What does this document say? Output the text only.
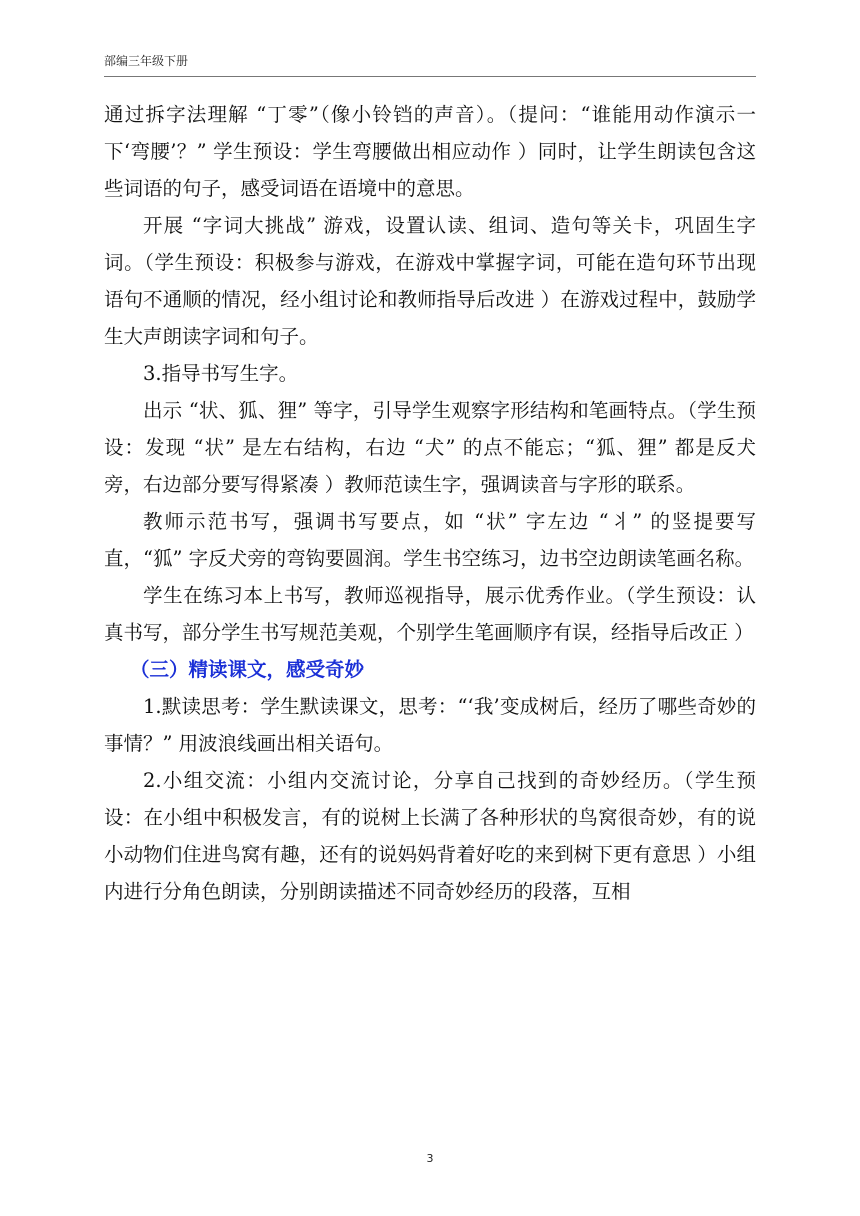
部编三年级下册

通过拆字法理解 “丁零”（像小铃铛的声音）。（提问：“谁能用动作演示一下‘弯腰’？” 学生预设：学生弯腰做出相应动作 ）同时，让学生朗读包含这些词语的句子，感受词语在语境中的意思。

开展 “字词大挑战” 游戏，设置认读、组词、造句等关卡，巩固生字词。（学生预设：积极参与游戏，在游戏中掌握字词，可能在造句环节出现语句不通顺的情况，经小组讨论和教师指导后改进 ）在游戏过程中，鼓励学生大声朗读字词和句子。

3.指导书写生字。

出示 “状、狐、狸” 等字，引导学生观察字形结构和笔画特点。（学生预设：发现 “状” 是左右结构，右边 “犬” 的点不能忘；“狐、狸” 都是反犬旁，右边部分要写得紧凑 ）教师范读生字，强调读音与字形的联系。

教师示范书写，强调书写要点，如 “状” 字左边 “丬” 的竖提要写直，“狐” 字反犬旁的弯钩要圆润。学生书空练习，边书空边朗读笔画名称。

学生在练习本上书写，教师巡视指导，展示优秀作业。（学生预设：认真书写，部分学生书写规范美观，个别学生笔画顺序有误，经指导后改正 ）

（三）精读课文，感受奇妙

1.默读思考：学生默读课文，思考：“‘我’变成树后，经历了哪些奇妙的事情？” 用波浪线画出相关语句。

2.小组交流：小组内交流讨论，分享自己找到的奇妙经历。（学生预设：在小组中积极发言，有的说树上长满了各种形状的鸟窝很奇妙，有的说小动物们住进鸟窝有趣，还有的说妈妈背着好吃的来到树下更有意思 ）小组内进行分角色朗读，分别朗读描述不同奇妙经历的段落，互相

3
